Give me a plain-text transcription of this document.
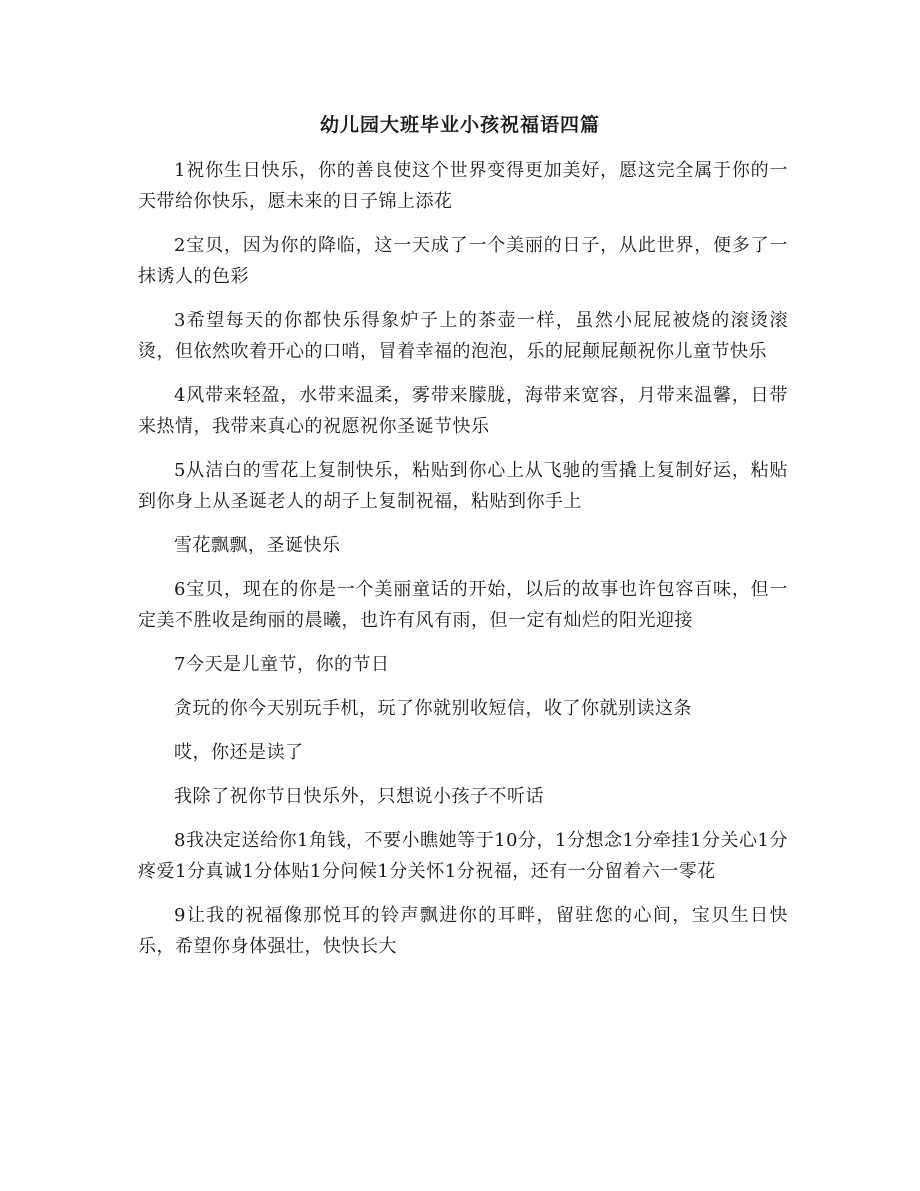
幼儿园大班毕业小孩祝福语四篇

1祝你生日快乐，你的善良使这个世界变得更加美好，愿这完全属于你的一天带给你快乐，愿未来的日子锦上添花

2宝贝，因为你的降临，这一天成了一个美丽的日子，从此世界，便多了一抹诱人的色彩

3希望每天的你都快乐得象炉子上的茶壶一样，虽然小屁屁被烧的滚烫滚烫，但依然吹着开心的口哨，冒着幸福的泡泡，乐的屁颠屁颠祝你儿童节快乐

4风带来轻盈，水带来温柔，雾带来朦胧，海带来宽容，月带来温馨，日带来热情，我带来真心的祝愿祝你圣诞节快乐

5从洁白的雪花上复制快乐，粘贴到你心上从飞驰的雪撬上复制好运，粘贴到你身上从圣诞老人的胡子上复制祝福，粘贴到你手上

雪花飘飘，圣诞快乐

6宝贝，现在的你是一个美丽童话的开始，以后的故事也许包容百味，但一定美不胜收是绚丽的晨曦，也许有风有雨，但一定有灿烂的阳光迎接

7今天是儿童节，你的节日

贪玩的你今天别玩手机，玩了你就别收短信，收了你就别读这条

哎，你还是读了

我除了祝你节日快乐外，只想说小孩子不听话

8我决定送给你1角钱，不要小瞧她等于10分，1分想念1分牵挂1分关心1分疼爱1分真诚1分体贴1分问候1分关怀1分祝福，还有一分留着六一零花

9让我的祝福像那悦耳的铃声飘进你的耳畔，留驻您的心间，宝贝生日快乐，希望你身体强壮，快快长大
